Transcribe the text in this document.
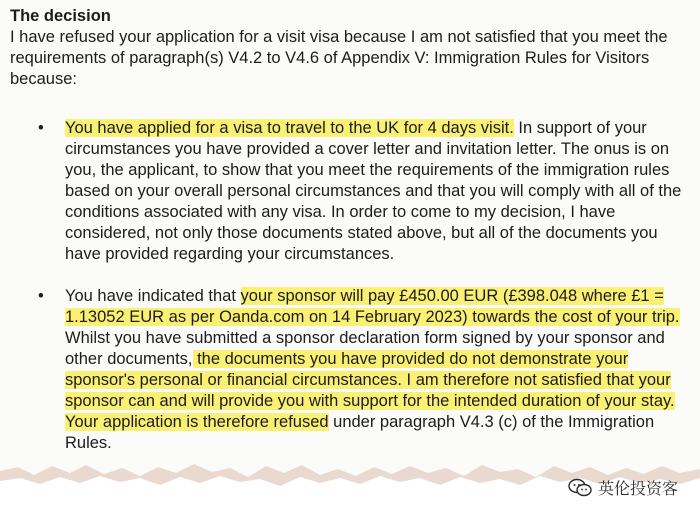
The decision

I have refused your application for a visit visa because I am not satisfied that you meet the requirements of paragraph(s) V4.2 to V4.6 of Appendix V: Immigration Rules for Visitors because:

• You have applied for a visa to travel to the UK for 4 days visit. In support of your circumstances you have provided a cover letter and invitation letter. The onus is on you, the applicant, to show that you meet the requirements of the immigration rules based on your overall personal circumstances and that you will comply with all of the conditions associated with any visa. In order to come to my decision, I have considered, not only those documents stated above, but all of the documents you have provided regarding your circumstances.
• You have indicated that your sponsor will pay £450.00 EUR (£398.048 where £1 = 1.13052 EUR as per Oanda.com on 14 February 2023) towards the cost of your trip. Whilst you have submitted a sponsor declaration form signed by your sponsor and other documents, the documents you have provided do not demonstrate your sponsor's personal or financial circumstances. I am therefore not satisfied that your sponsor can and will provide you with support for the intended duration of your stay. Your application is therefore refused under paragraph V4.3 (c) of the Immigration Rules.
英伦投资客
